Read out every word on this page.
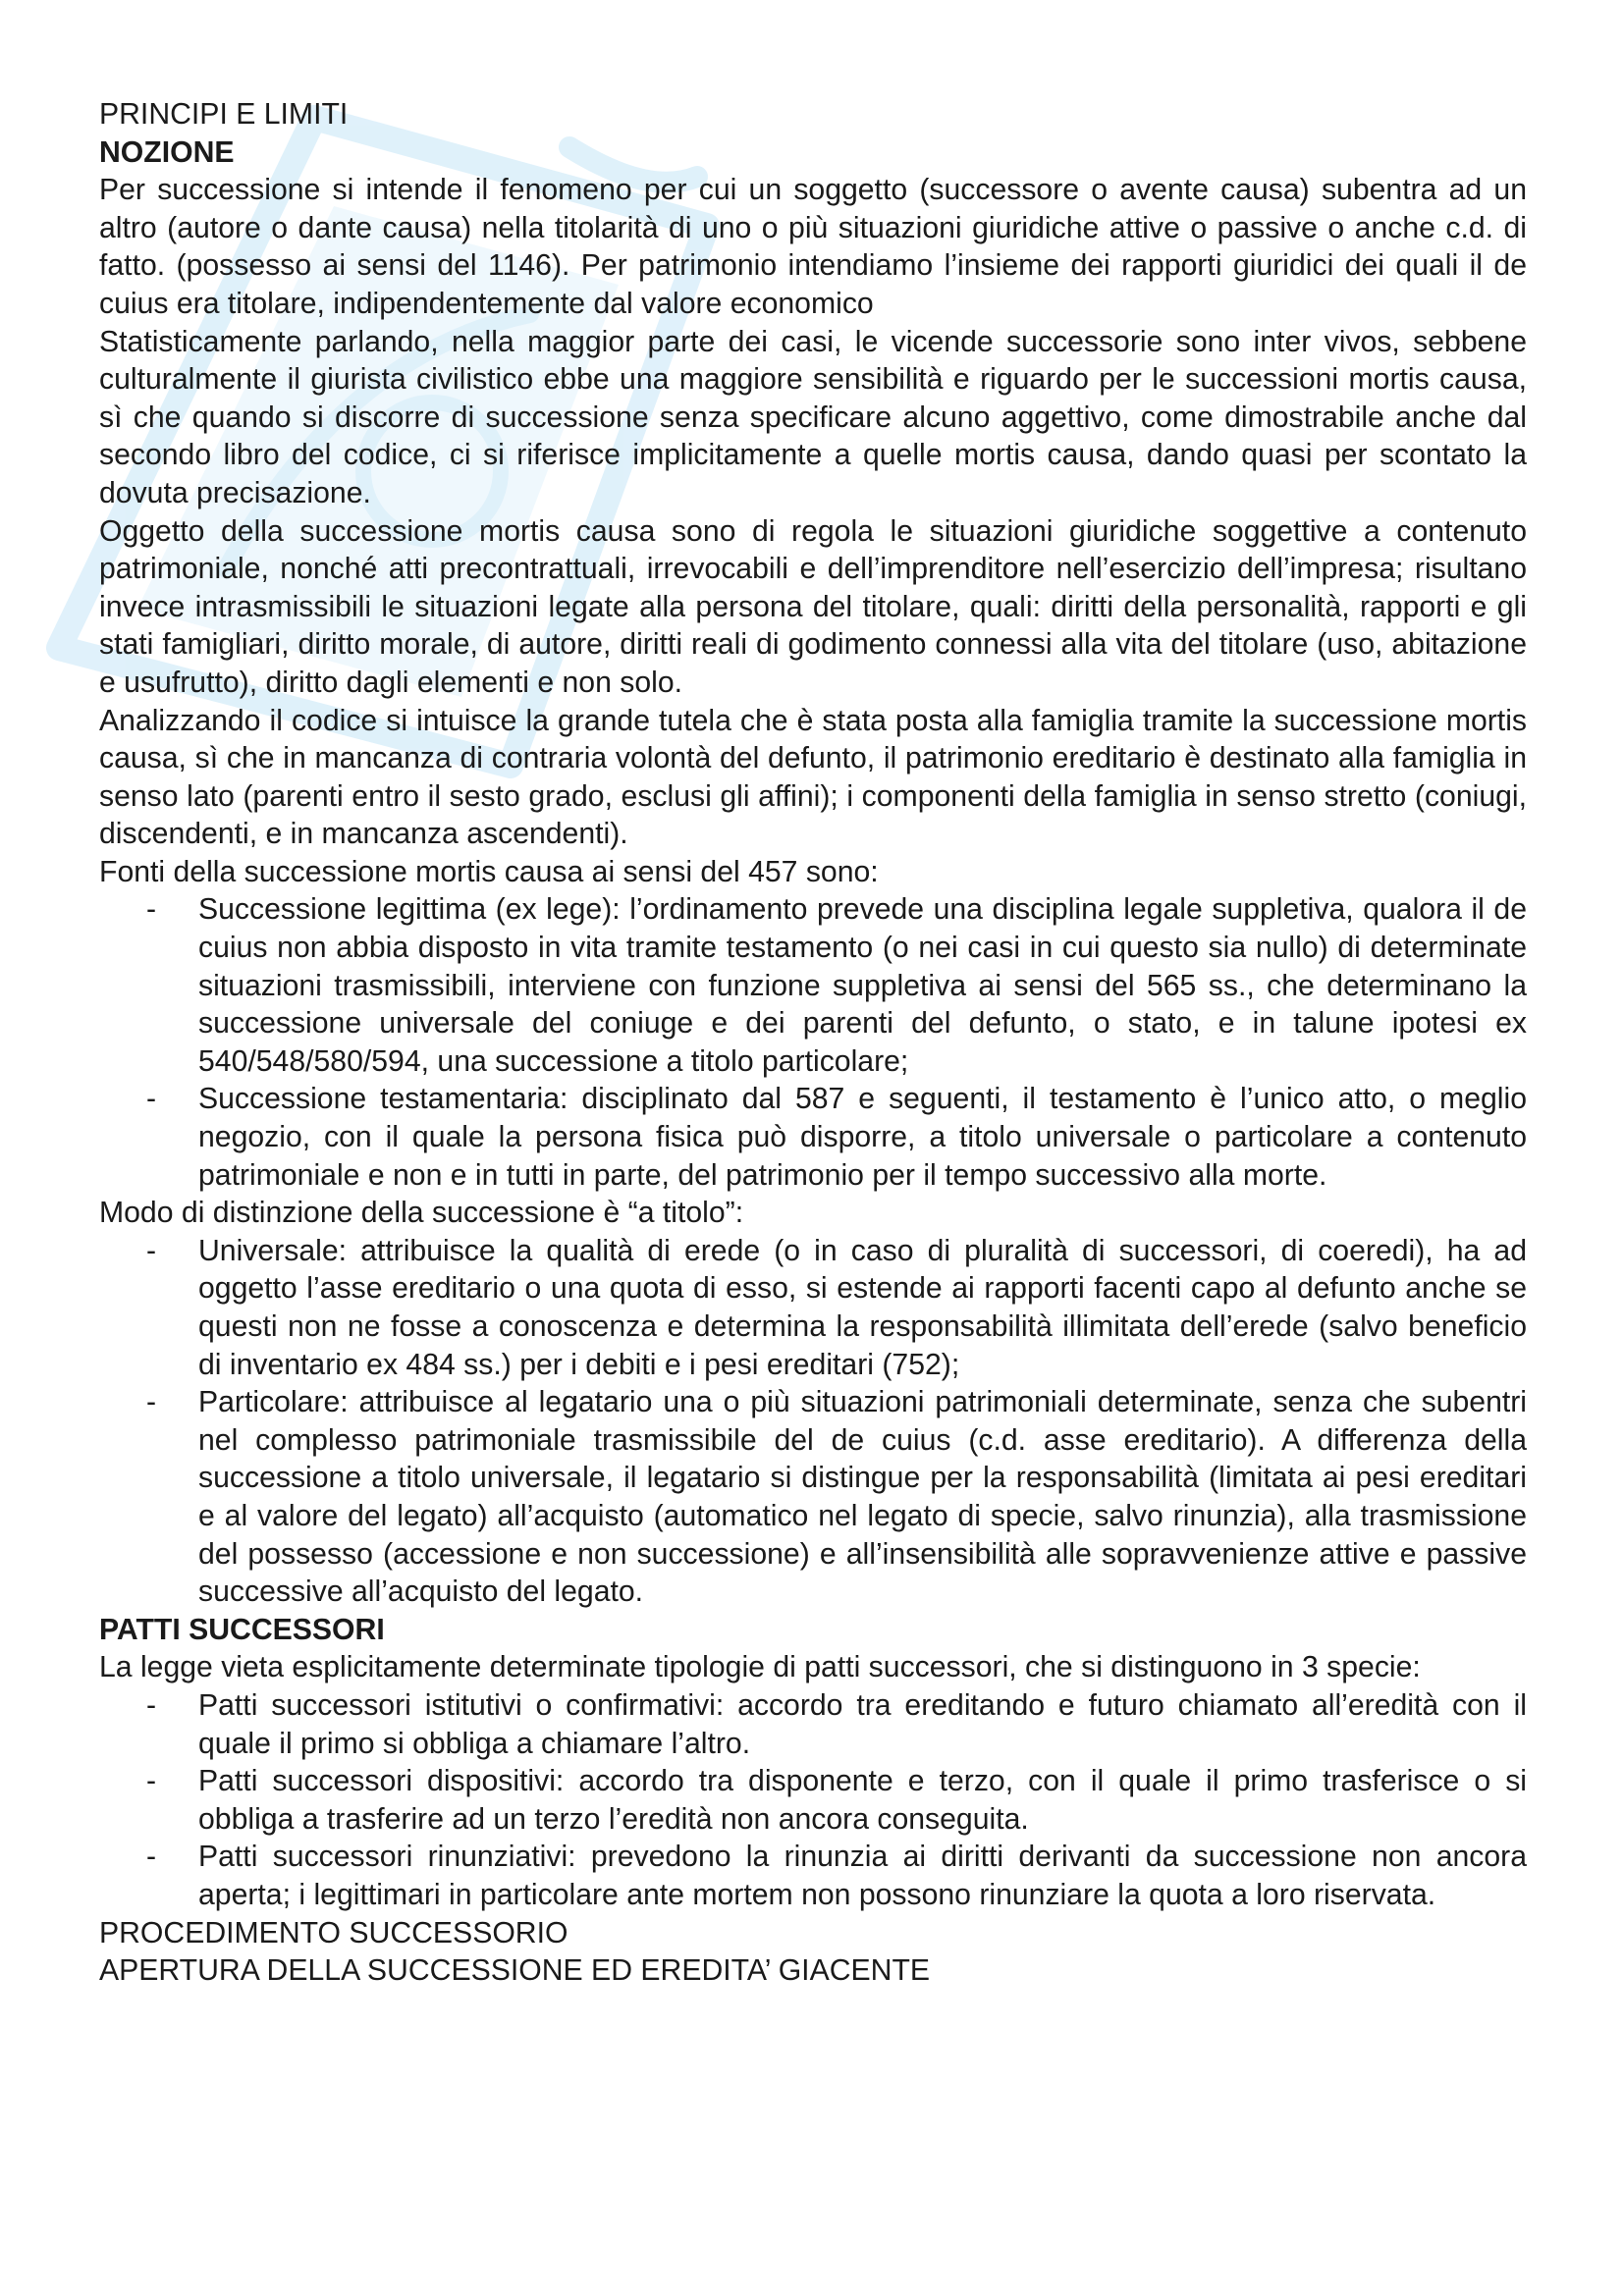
PRINCIPI E LIMITI
NOZIONE

Per successione si intende il fenomeno per cui un soggetto (successore o avente causa) subentra ad un altro (autore o dante causa) nella titolarità di uno o più situazioni giuridiche attive o passive o anche c.d. di fatto. (possesso ai sensi del 1146). Per patrimonio intendiamo l’insieme dei rapporti giuridici dei quali il de cuius era titolare, indipendentemente dal valore economico

Statisticamente parlando, nella maggior parte dei casi, le vicende successorie sono inter vivos, sebbene culturalmente il giurista civilistico ebbe una maggiore sensibilità e riguardo per le successioni mortis causa, sì che quando si discorre di successione senza specificare alcuno aggettivo, come dimostrabile anche dal secondo libro del codice, ci si riferisce implicitamente a quelle mortis causa, dando quasi per scontato la dovuta precisazione.

Oggetto della successione mortis causa sono di regola le situazioni giuridiche soggettive a contenuto patrimoniale, nonché atti precontrattuali, irrevocabili e dell’imprenditore nell’esercizio dell’impresa; risultano invece intrasmissibili le situazioni legate alla persona del titolare, quali: diritti della personalità, rapporti e gli stati famigliari, diritto morale, di autore, diritti reali di godimento connessi alla vita del titolare (uso, abitazione e usufrutto), diritto dagli elementi e non solo.

Analizzando il codice si intuisce la grande tutela che è stata posta alla famiglia tramite la successione mortis causa, sì che in mancanza di contraria volontà del defunto, il patrimonio ereditario è destinato alla famiglia in senso lato (parenti entro il sesto grado, esclusi gli affini); i componenti della famiglia in senso stretto (coniugi, discendenti, e in mancanza ascendenti).

Fonti della successione mortis causa ai sensi del 457 sono:

- Successione legittima (ex lege): l’ordinamento prevede una disciplina legale suppletiva, qualora il de cuius non abbia disposto in vita tramite testamento (o nei casi in cui questo sia nullo) di determinate situazioni trasmissibili, interviene con funzione suppletiva ai sensi del 565 ss., che determinano la successione universale del coniuge e dei parenti del defunto, o stato, e in talune ipotesi ex 540/548/580/594, una successione a titolo particolare;
- Successione testamentaria: disciplinato dal 587 e seguenti, il testamento è l’unico atto, o meglio negozio, con il quale la persona fisica può disporre, a titolo universale o particolare a contenuto patrimoniale e non e in tutti in parte, del patrimonio per il tempo successivo alla morte.

Modo di distinzione della successione è “a titolo”:

- Universale: attribuisce la qualità di erede (o in caso di pluralità di successori, di coeredi), ha ad oggetto l’asse ereditario o una quota di esso, si estende ai rapporti facenti capo al defunto anche se questi non ne fosse a conoscenza e determina la responsabilità illimitata dell’erede (salvo beneficio di inventario ex 484 ss.) per i debiti e i pesi ereditari (752);
- Particolare: attribuisce al legatario una o più situazioni patrimoniali determinate, senza che subentri nel complesso patrimoniale trasmissibile del de cuius (c.d. asse ereditario). A differenza della successione a titolo universale, il legatario si distingue per la responsabilità (limitata ai pesi ereditari e al valore del legato) all’acquisto (automatico nel legato di specie, salvo rinunzia), alla trasmissione del possesso (accessione e non successione) e all’insensibilità alle sopravvenienze attive e passive successive all’acquisto del legato.
PATTI SUCCESSORI

La legge vieta esplicitamente determinate tipologie di patti successori, che si distinguono in 3 specie:

- Patti successori istitutivi o confirmativi: accordo tra ereditando e futuro chiamato all’eredità con il quale il primo si obbliga a chiamare l’altro.
- Patti successori dispositivi: accordo tra disponente e terzo, con il quale il primo trasferisce o si obbliga a trasferire ad un terzo l’eredità non ancora conseguita.
- Patti successori rinunziativi: prevedono la rinunzia ai diritti derivanti da successione non ancora aperta; i legittimari in particolare ante mortem non possono rinunziare la quota a loro riservata.
PROCEDIMENTO SUCCESSORIO
APERTURA DELLA SUCCESSIONE ED EREDITA’ GIACENTE
